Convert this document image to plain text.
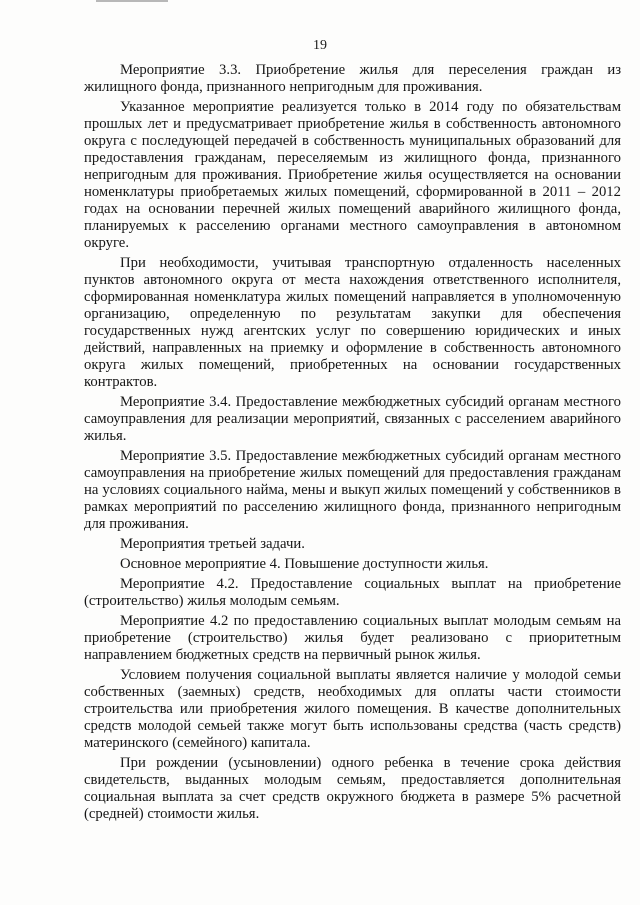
19

Мероприятие 3.3. Приобретение жилья для переселения граждан из жилищного фонда, признанного непригодным для проживания.

Указанное мероприятие реализуется только в 2014 году по обязательствам прошлых лет и предусматривает приобретение жилья в собственность автономного округа с последующей передачей в собственность муниципальных образований для предоставления гражданам, переселяемым из жилищного фонда, признанного непригодным для проживания. Приобретение жилья осуществляется на основании номенклатуры приобретаемых жилых помещений, сформированной в 2011 – 2012 годах на основании перечней жилых помещений аварийного жилищного фонда, планируемых к расселению органами местного самоуправления в автономном округе.

При необходимости, учитывая транспортную отдаленность населенных пунктов автономного округа от места нахождения ответственного исполнителя, сформированная номенклатура жилых помещений направляется в уполномоченную организацию, определенную по результатам закупки для обеспечения государственных нужд агентских услуг по совершению юридических и иных действий, направленных на приемку и оформление в собственность автономного округа жилых помещений, приобретенных на основании государственных контрактов.

Мероприятие 3.4. Предоставление межбюджетных субсидий органам местного самоуправления для реализации мероприятий, связанных с расселением аварийного жилья.

Мероприятие 3.5. Предоставление межбюджетных субсидий органам местного самоуправления на приобретение жилых помещений для предоставления гражданам на условиях социального найма, мены и выкуп жилых помещений у собственников в рамках мероприятий по расселению жилищного фонда, признанного непригодным для проживания.

Мероприятия третьей задачи.

Основное мероприятие 4. Повышение доступности жилья.

Мероприятие 4.2. Предоставление социальных выплат на приобретение (строительство) жилья молодым семьям.

Мероприятие 4.2 по предоставлению социальных выплат молодым семьям на приобретение (строительство) жилья будет реализовано с приоритетным направлением бюджетных средств на первичный рынок жилья.

Условием получения социальной выплаты является наличие у молодой семьи собственных (заемных) средств, необходимых для оплаты части стоимости строительства или приобретения жилого помещения. В качестве дополнительных средств молодой семьей также могут быть использованы средства (часть средств) материнского (семейного) капитала.

При рождении (усыновлении) одного ребенка в течение срока действия свидетельств, выданных молодым семьям, предоставляется дополнительная социальная выплата за счет средств окружного бюджета в размере 5% расчетной (средней) стоимости жилья.
